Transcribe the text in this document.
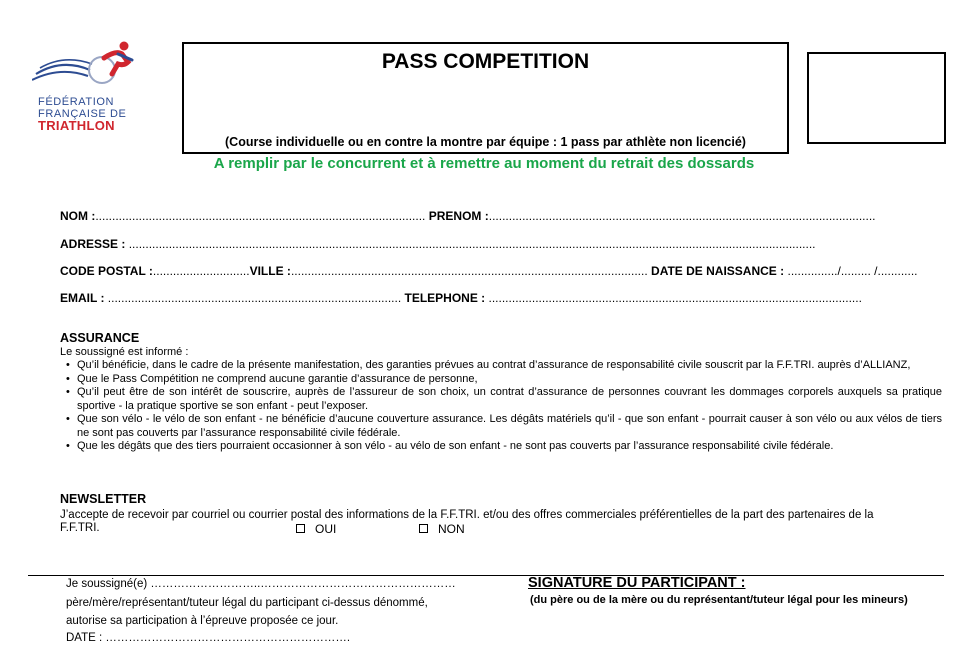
FÉDÉRATION
FRANÇAISE DE
TRIATHLON
PASS COMPETITION
(Course individuelle ou en contre la montre par équipe : 1 pass par athlète non licencié)
A remplir par le concurrent et à remettre au moment du retrait des dossards
NOM :................................................................................................... PRENOM :....................................................................................................................
ADRESSE : ..............................................................................................................................................................................................................
CODE POSTAL :.............................VILLE :........................................................................................................... DATE DE NAISSANCE : .............../......... /............
EMAIL : ........................................................................................ TELEPHONE : ................................................................................................................
ASSURANCE
Le soussigné est informé :
• Qu’il bénéficie, dans le cadre de la présente manifestation, des garanties prévues au contrat d’assurance de responsabilité civile souscrit par la F.F.TRI. auprès d’ALLIANZ,
• Que le Pass Compétition ne comprend aucune garantie d’assurance de personne,
• Qu’il peut être de son intérêt de souscrire, auprès de l’assureur de son choix, un contrat d’assurance de personnes couvrant les dommages corporels auxquels sa pratique sportive - la pratique sportive se son enfant - peut l’exposer.
• Que son vélo - le vélo de son enfant - ne bénéficie d’aucune couverture assurance. Les dégâts matériels qu’il - que son enfant - pourrait causer à son vélo ou aux vélos de tiers ne sont pas couverts par l’assurance responsabilité civile fédérale.
• Que les dégâts que des tiers pourraient occasionner à son vélo - au vélo de son enfant - ne sont pas couverts par l’assurance responsabilité civile fédérale.
NEWSLETTER
J’accepte de recevoir par courriel ou courrier postal des informations de la F.F.TRI. et/ou des offres commerciales préférentielles de la part des partenaires de la
F.F.TRI.	OUI	NON
Je soussigné(e) ………………………..……………………………………………
père/mère/représentant/tuteur légal du participant ci-dessus dénommé,
autorise sa participation à l’épreuve proposée ce jour.
DATE : ……………………………………………………….
SIGNATURE DU PARTICIPANT :
(du père ou de la mère ou du représentant/tuteur légal pour les mineurs)
